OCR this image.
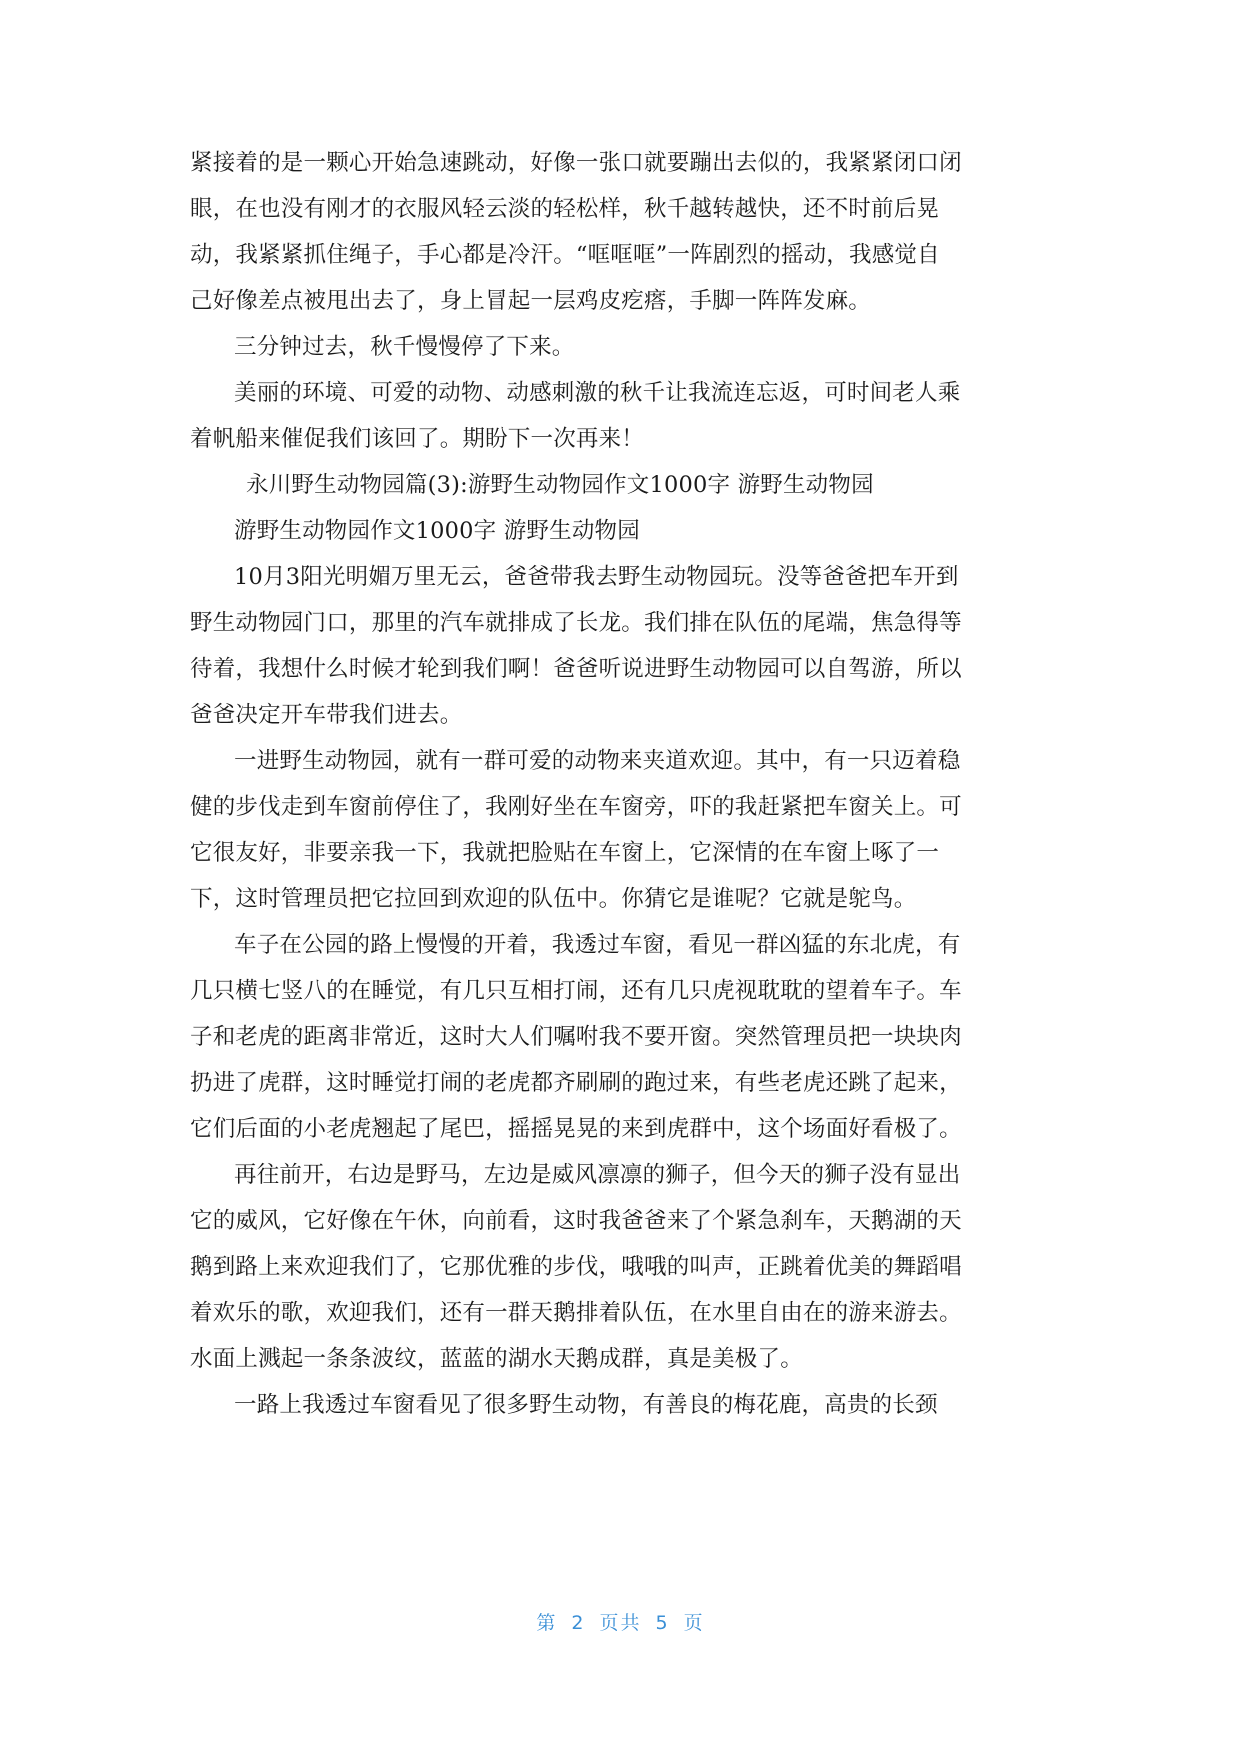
紧接着的是一颗心开始急速跳动，好像一张口就要蹦出去似的，我紧紧闭口闭
眼，在也没有刚才的衣服风轻云淡的轻松样，秋千越转越快，还不时前后晃
动，我紧紧抓住绳子，手心都是冷汗。“哐哐哐”一阵剧烈的摇动，我感觉自
己好像差点被甩出去了，身上冒起一层鸡皮疙瘩，手脚一阵阵发麻。
三分钟过去，秋千慢慢停了下来。
美丽的环境、可爱的动物、动感刺激的秋千让我流连忘返，可时间老人乘
着帆船来催促我们该回了。期盼下一次再来！
永川野生动物园篇(3):游野生动物园作文1000字 游野生动物园
游野生动物园作文1000字 游野生动物园
10月3阳光明媚万里无云，爸爸带我去野生动物园玩。没等爸爸把车开到
野生动物园门口，那里的汽车就排成了长龙。我们排在队伍的尾端，焦急得等
待着，我想什么时候才轮到我们啊！爸爸听说进野生动物园可以自驾游，所以
爸爸决定开车带我们进去。
一进野生动物园，就有一群可爱的动物来夹道欢迎。其中，有一只迈着稳
健的步伐走到车窗前停住了，我刚好坐在车窗旁，吓的我赶紧把车窗关上。可
它很友好，非要亲我一下，我就把脸贴在车窗上，它深情的在车窗上啄了一
下，这时管理员把它拉回到欢迎的队伍中。你猜它是谁呢？它就是鸵鸟。
车子在公园的路上慢慢的开着，我透过车窗，看见一群凶猛的东北虎，有
几只横七竖八的在睡觉，有几只互相打闹，还有几只虎视耽耽的望着车子。车
子和老虎的距离非常近，这时大人们嘱咐我不要开窗。突然管理员把一块块肉
扔进了虎群，这时睡觉打闹的老虎都齐刷刷的跑过来，有些老虎还跳了起来，
它们后面的小老虎翘起了尾巴，摇摇晃晃的来到虎群中，这个场面好看极了。
再往前开，右边是野马，左边是威风凛凛的狮子，但今天的狮子没有显出
它的威风，它好像在午休，向前看，这时我爸爸来了个紧急刹车，天鹅湖的天
鹅到路上来欢迎我们了，它那优雅的步伐，哦哦的叫声，正跳着优美的舞蹈唱
着欢乐的歌，欢迎我们，还有一群天鹅排着队伍，在水里自由在的游来游去。
水面上溅起一条条波纹，蓝蓝的湖水天鹅成群，真是美极了。
一路上我透过车窗看见了很多野生动物，有善良的梅花鹿，高贵的长颈
第 2 页共 5 页
